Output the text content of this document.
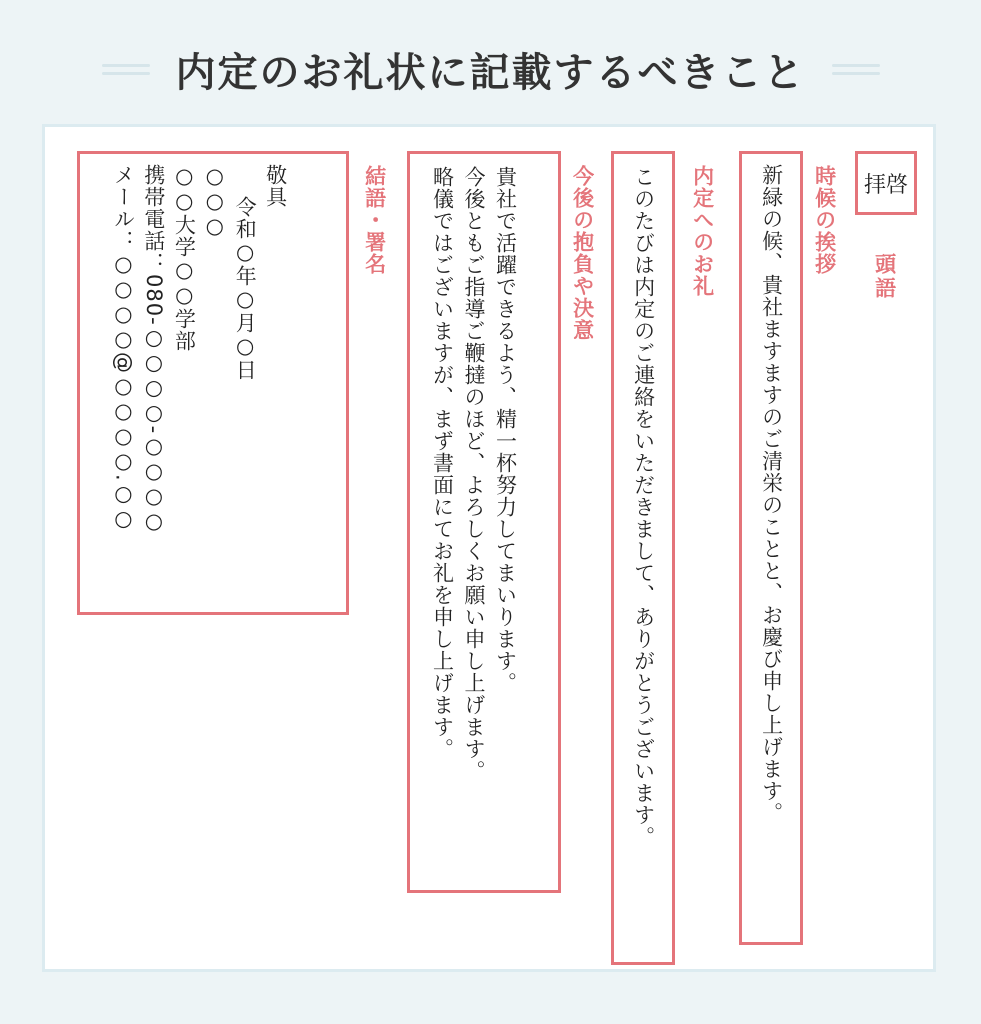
内定のお礼状に記載するべきこと
拝啓
頭語
時候の挨拶
新緑の候、貴社ますますのご清栄のことと、お慶び申し上げます。
内定へのお礼
このたびは内定のご連絡をいただきまして、ありがとうございます。
今後の抱負や決意
貴社で活躍できるよう、精一杯努力してまいります。
今後ともご指導ご鞭撻のほど、よろしくお願い申し上げます。
略儀ではございますが、まず書面にてお礼を申し上げます。
結語・署名
敬具
令和○年○月○日
○○○
○○大学○○学部
携帯電話：080-○○○○-○○○○
メール：○○○○@○○○○.○○
